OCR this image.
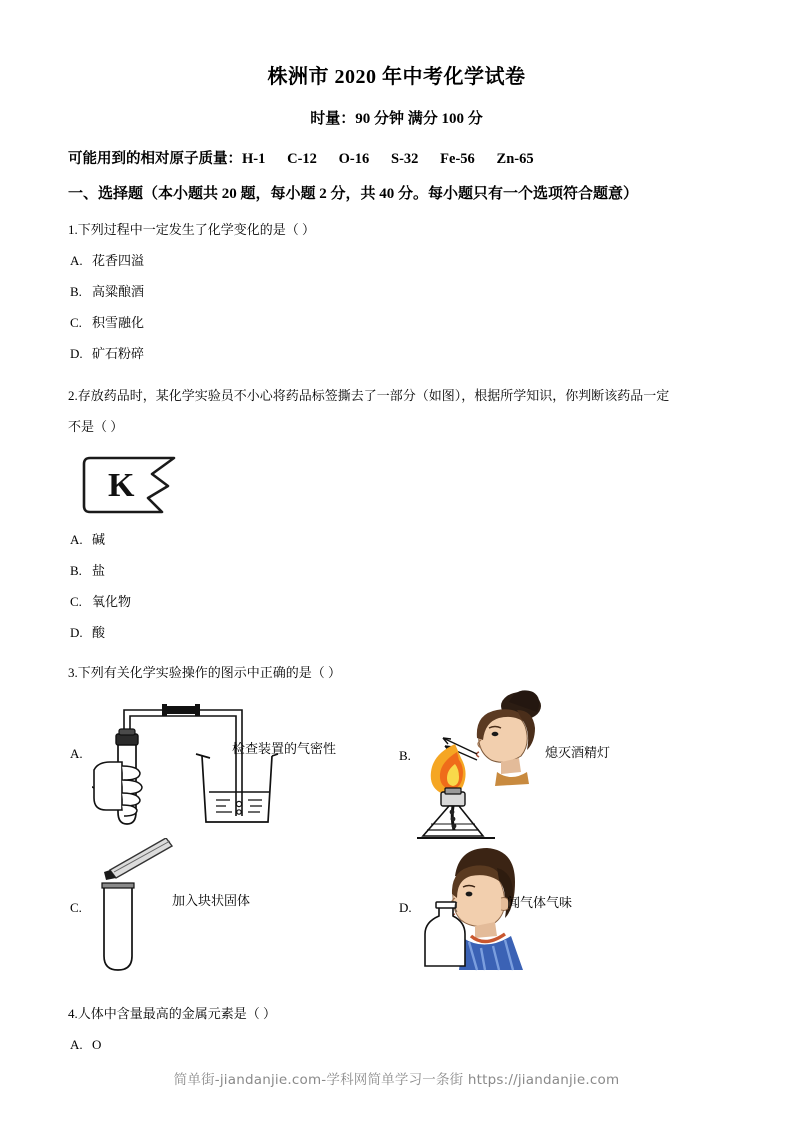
株洲市 2020 年中考化学试卷
时量：90 分钟 满分 100 分
可能用到的相对原子质量：H-1      C-12      O-16      S-32      Fe-56      Zn-65
一、选择题（本小题共 20 题，每小题 2 分，共 40 分。每小题只有一个选项符合题意）
1.下列过程中一定发生了化学变化的是（ ）
A. 花香四溢
B. 高粱酿酒
C. 积雪融化
D. 矿石粉碎
2.存放药品时，某化学实验员不小心将药品标签撕去了一部分（如图），根据所学知识，你判断该药品一定
不是（ ）
K
A. 碱
B. 盐
C. 氧化物
D. 酸
3.下列有关化学实验操作的图示中正确的是（ ）
A.	检查装置的气密性	B.	熄灭酒精灯
C.	加入块状固体	D.	闻气体气味
4.人体中含量最高的金属元素是（ ）
A. O
简单街-jiandanjie.com-学科网简单学习一条街 https://jiandanjie.com
